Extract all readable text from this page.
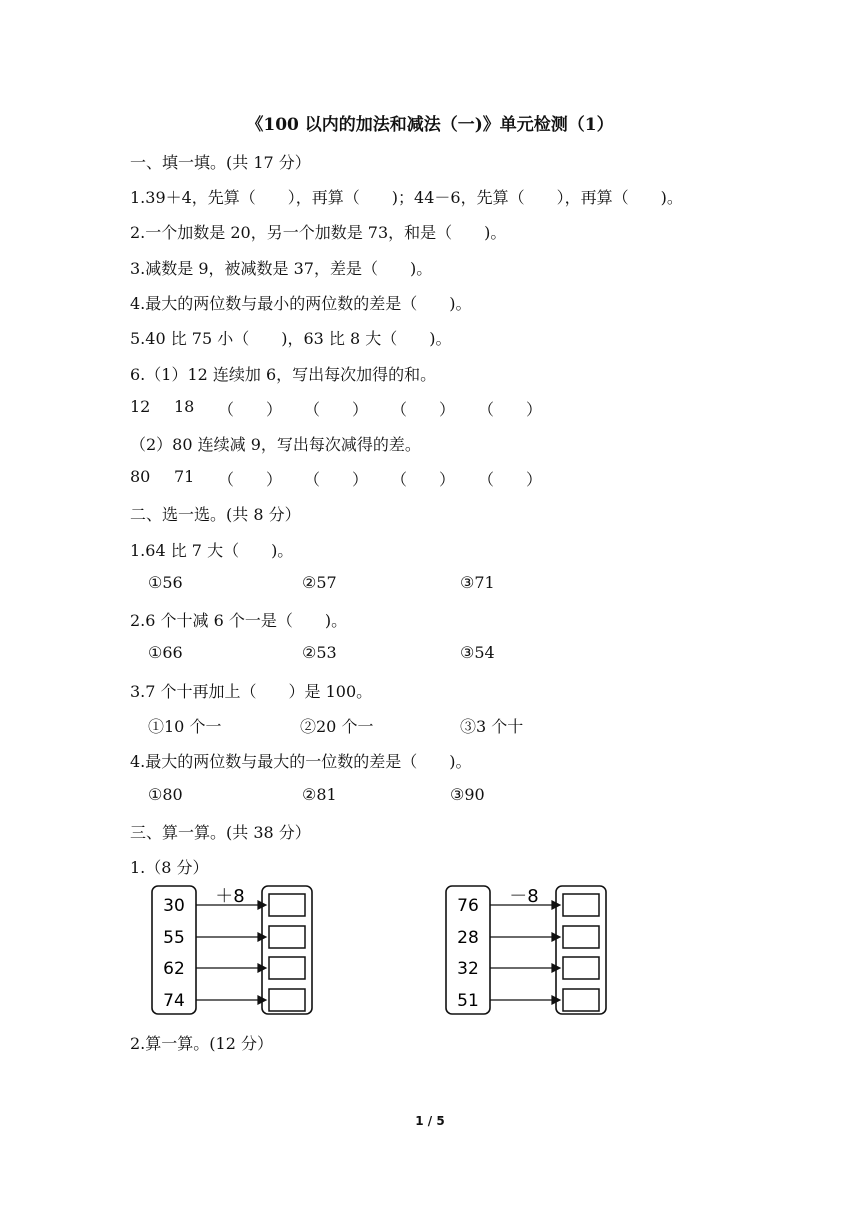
《100 以内的加法和减法（一)》单元检测（1）
一、填一填。(共 17 分）
1.39＋4，先算（　　），再算（　　)；44－6，先算（　　），再算（　　)。
2.一个加数是 20，另一个加数是 73，和是（　　)。
3.减数是 9，被减数是 37，差是（　　)。
4.最大的两位数与最小的两位数的差是（　　)。
5.40 比 75 小（　　)，63 比 8 大（　　)。
6.（1）12 连续加 6，写出每次加得的和。
12 18 （　　） （　　） （　　） （　　）
（2）80 连续减 9，写出每次减得的差。
80 71 （　　） （　　） （　　） （　　）
二、选一选。(共 8 分）
1.64 比 7 大（　　)。
①56	②57	③71
2.6 个十减 6 个一是（　　)。
①66	②53	③54
3.7 个十再加上（　　）是 100。
①10 个一	②20 个一	③3 个十
4.最大的两位数与最大的一位数的差是（　　)。
①80	②81	③90
三、算一算。(共 38 分）
1.（8 分）
＋8
30
55
62
74
－8
76
28
32
51
2.算一算。(12 分）
1 / 5
